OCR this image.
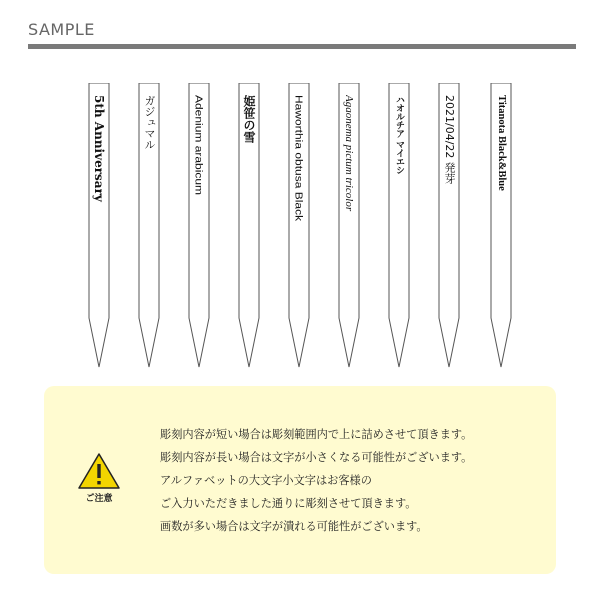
SAMPLE
5th Anniversary	ガジュマル	Adenium arabicum	姫笹の雪	Haworthia obtusa Black	Agaonema pictum tricolor	ハオルチア マイエシ	2021/04/22 発芽	Titanota Black&Blue
ご注意
彫刻内容が短い場合は彫刻範囲内で上に詰めさせて頂きます。
彫刻内容が長い場合は文字が小さくなる可能性がございます。
アルファベットの大文字小文字はお客様の
ご入力いただきました通りに彫刻させて頂きます。
画数が多い場合は文字が潰れる可能性がございます。
